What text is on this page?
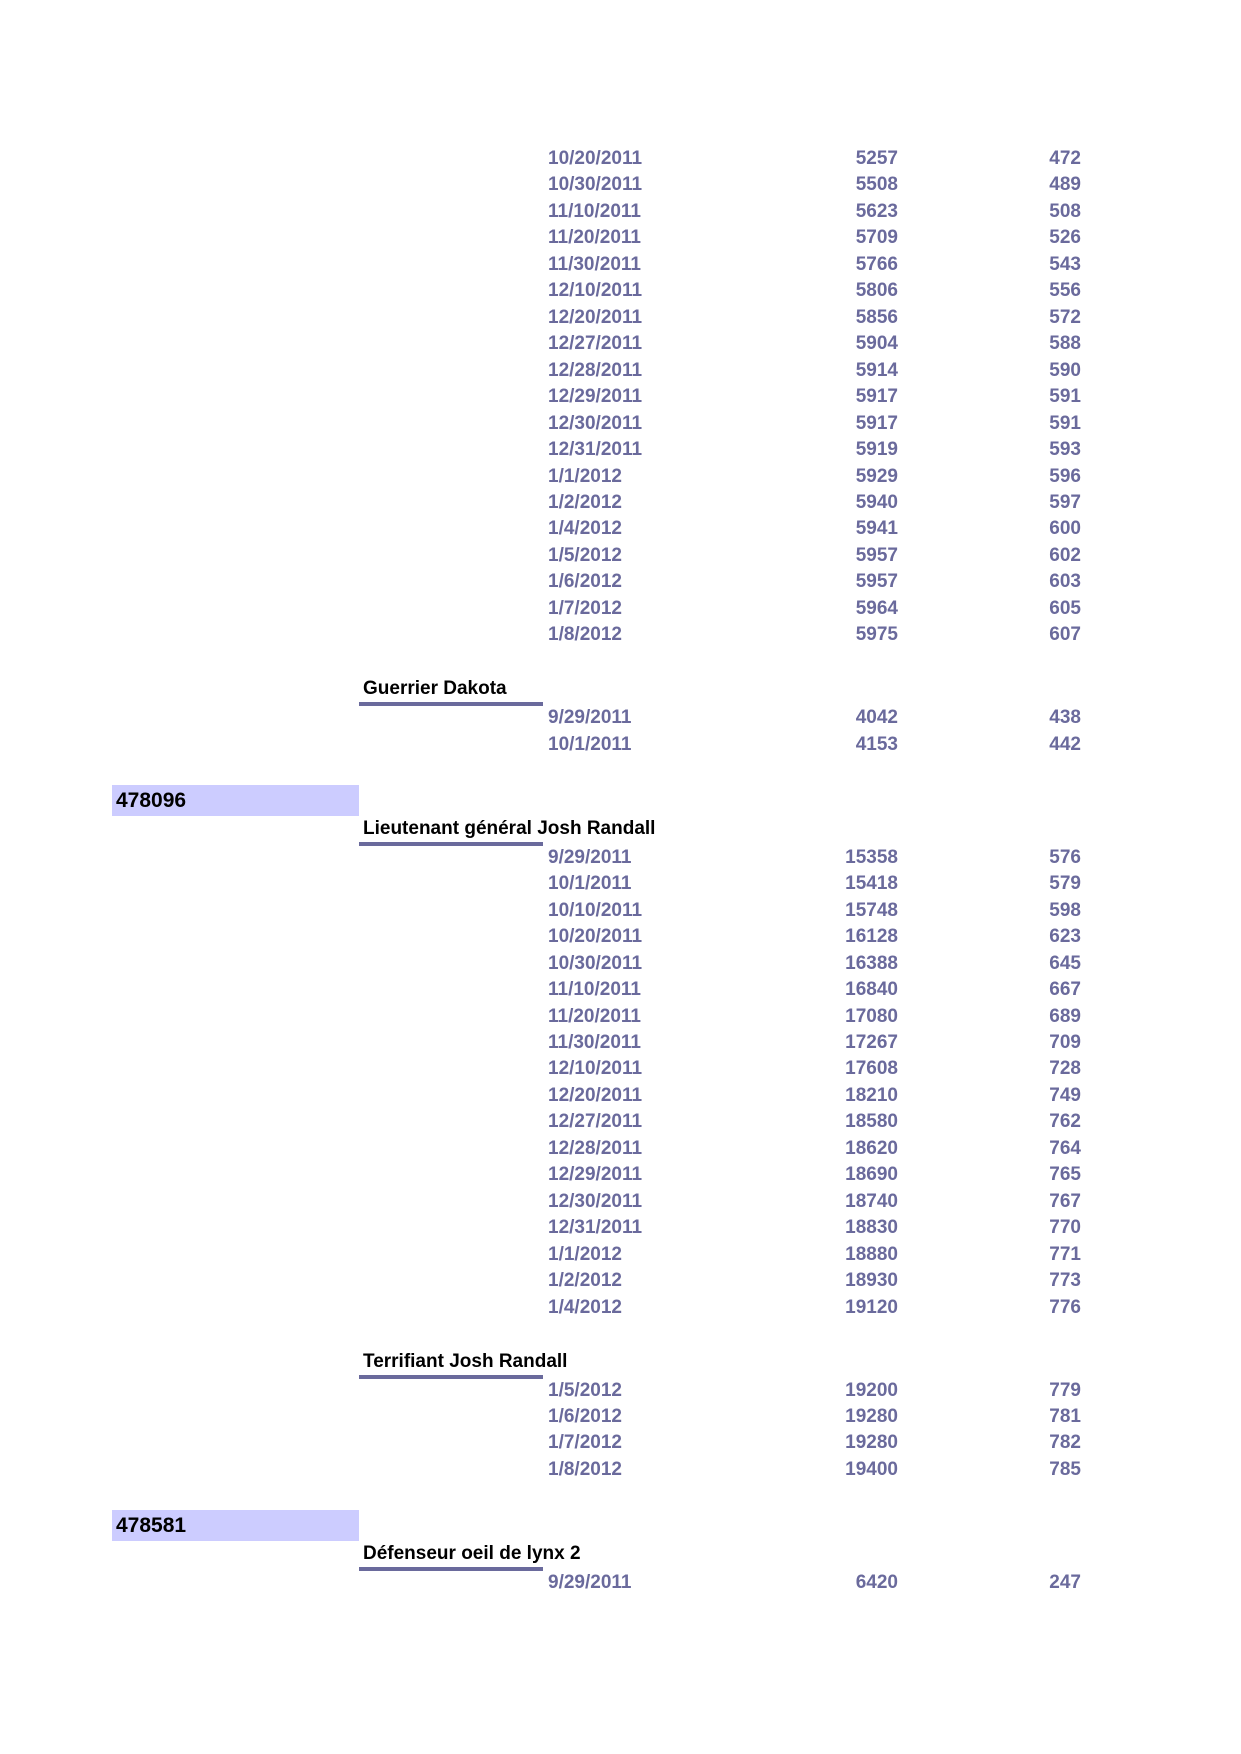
10/20/2011	5257	472
10/30/2011	5508	489
11/10/2011	5623	508
11/20/2011	5709	526
11/30/2011	5766	543
12/10/2011	5806	556
12/20/2011	5856	572
12/27/2011	5904	588
12/28/2011	5914	590
12/29/2011	5917	591
12/30/2011	5917	591
12/31/2011	5919	593
1/1/2012	5929	596
1/2/2012	5940	597
1/4/2012	5941	600
1/5/2012	5957	602
1/6/2012	5957	603
1/7/2012	5964	605
1/8/2012	5975	607
Guerrier Dakota
9/29/2011	4042	438
10/1/2011	4153	442
478096
Lieutenant général Josh Randall
9/29/2011	15358	576
10/1/2011	15418	579
10/10/2011	15748	598
10/20/2011	16128	623
10/30/2011	16388	645
11/10/2011	16840	667
11/20/2011	17080	689
11/30/2011	17267	709
12/10/2011	17608	728
12/20/2011	18210	749
12/27/2011	18580	762
12/28/2011	18620	764
12/29/2011	18690	765
12/30/2011	18740	767
12/31/2011	18830	770
1/1/2012	18880	771
1/2/2012	18930	773
1/4/2012	19120	776
Terrifiant Josh Randall
1/5/2012	19200	779
1/6/2012	19280	781
1/7/2012	19280	782
1/8/2012	19400	785
478581
Défenseur oeil de lynx 2
9/29/2011	6420	247
